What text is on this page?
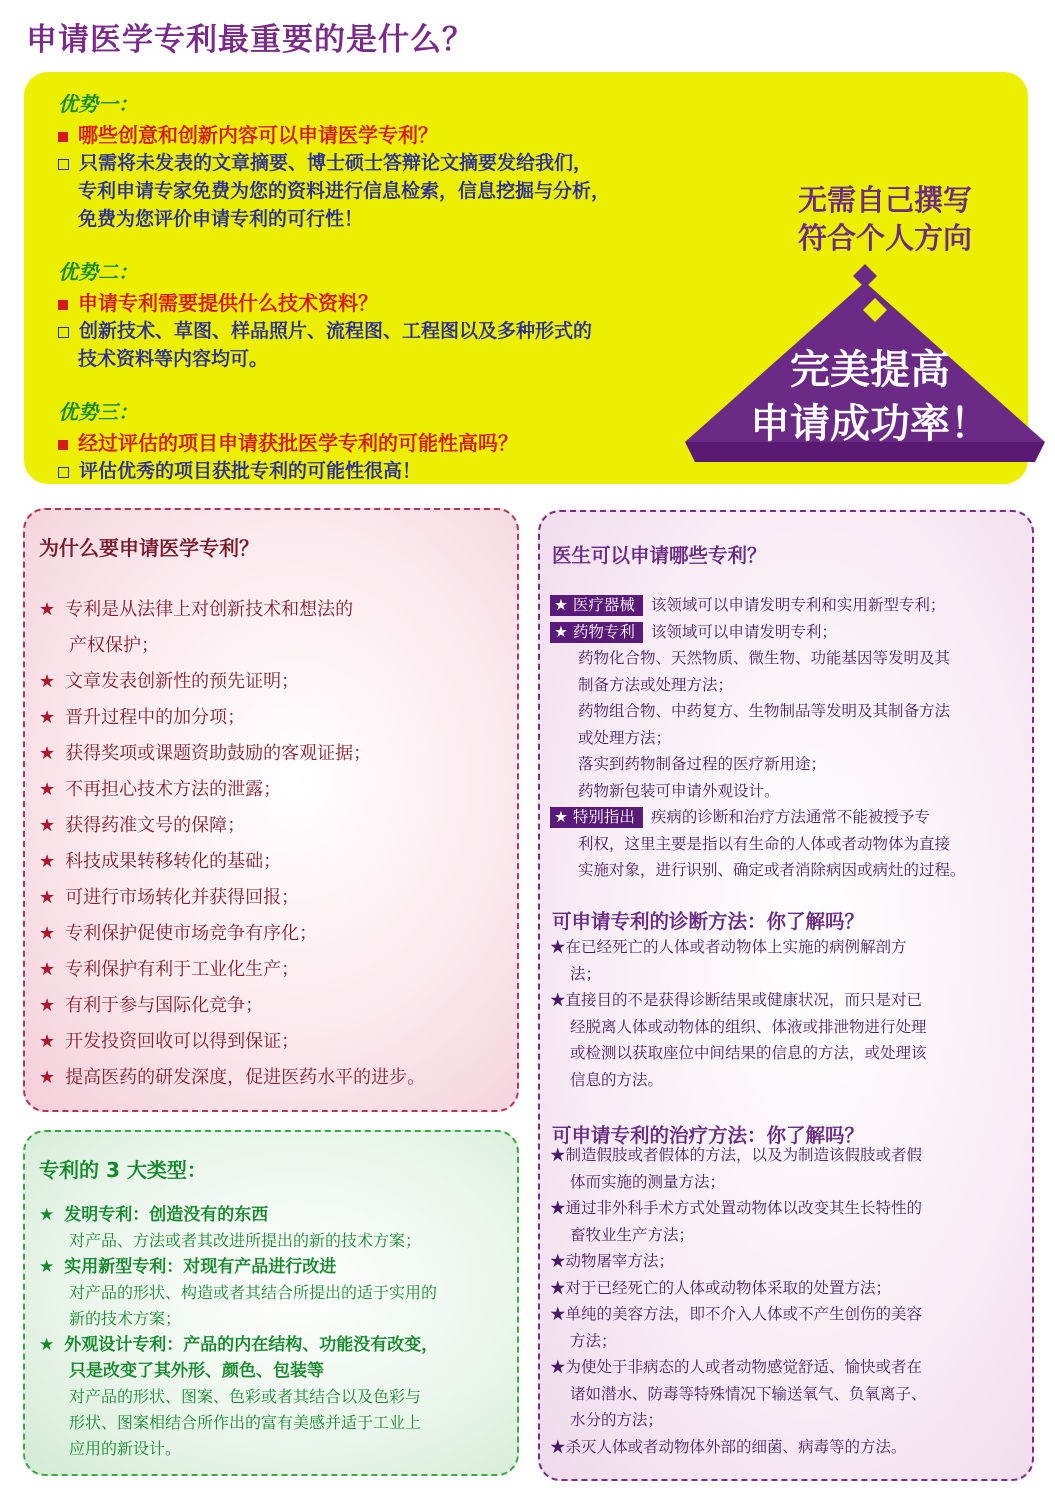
申请医学专利最重要的是什么？
优势一：
哪些创意和创新内容可以申请医学专利？
只需将未发表的文章摘要、博士硕士答辩论文摘要发给我们，
专利申请专家免费为您的资料进行信息检索，信息挖掘与分析，
免费为您评价申请专利的可行性！
优势二：
申请专利需要提供什么技术资料？
创新技术、草图、样品照片、流程图、工程图以及多种形式的
技术资料等内容均可。
优势三：
经过评估的项目申请获批医学专利的可能性高吗？
评估优秀的项目获批专利的可能性很高！
无需自己撰写
符合个人方向
完美提高
申请成功率！
为什么要申请医学专利？
★ 专利是从法律上对创新技术和想法的
产权保护；
★ 文章发表创新性的预先证明；
★ 晋升过程中的加分项；
★ 获得奖项或课题资助鼓励的客观证据；
★ 不再担心技术方法的泄露；
★ 获得药准文号的保障；
★ 科技成果转移转化的基础；
★ 可进行市场转化并获得回报；
★ 专利保护促使市场竞争有序化；
★ 专利保护有利于工业化生产；
★ 有利于参与国际化竞争；
★ 开发投资回收可以得到保证；
★ 提高医药的研发深度，促进医药水平的进步。
专利的 3 大类型：
★ 发明专利：创造没有的东西
对产品、方法或者其改进所提出的新的技术方案；
★ 实用新型专利：对现有产品进行改进
对产品的形状、构造或者其结合所提出的适于实用的
新的技术方案；
★ 外观设计专利：产品的内在结构、功能没有改变，
只是改变了其外形、颜色、包装等
对产品的形状、图案、色彩或者其结合以及色彩与
形状、图案相结合所作出的富有美感并适于工业上
应用的新设计。
医生可以申请哪些专利？
★ 医疗器械 该领域可以申请发明专利和实用新型专利；
★ 药物专利 该领域可以申请发明专利；
药物化合物、天然物质、微生物、功能基因等发明及其
制备方法或处理方法；
药物组合物、中药复方、生物制品等发明及其制备方法
或处理方法；
落实到药物制备过程的医疗新用途；
药物新包装可申请外观设计。
★ 特别指出 疾病的诊断和治疗方法通常不能被授予专
利权，这里主要是指以有生命的人体或者动物体为直接
实施对象，进行识别、确定或者消除病因或病灶的过程。
可申请专利的诊断方法：你了解吗？
★在已经死亡的人体或者动物体上实施的病例解剖方
法；
★直接目的不是获得诊断结果或健康状况，而只是对已
经脱离人体或动物体的组织、体液或排泄物进行处理
或检测以获取座位中间结果的信息的方法，或处理该
信息的方法。
可申请专利的治疗方法：你了解吗？
★制造假肢或者假体的方法，以及为制造该假肢或者假
体而实施的测量方法；
★通过非外科手术方式处置动物体以改变其生长特性的
畜牧业生产方法；
★动物屠宰方法；
★对于已经死亡的人体或动物体采取的处置方法；
★单纯的美容方法，即不介入人体或不产生创伤的美容
方法；
★为使处于非病态的人或者动物感觉舒适、愉快或者在
诸如潜水、防毒等特殊情况下输送氧气、负氧离子、
水分的方法；
★杀灭人体或者动物体外部的细菌、病毒等的方法。
